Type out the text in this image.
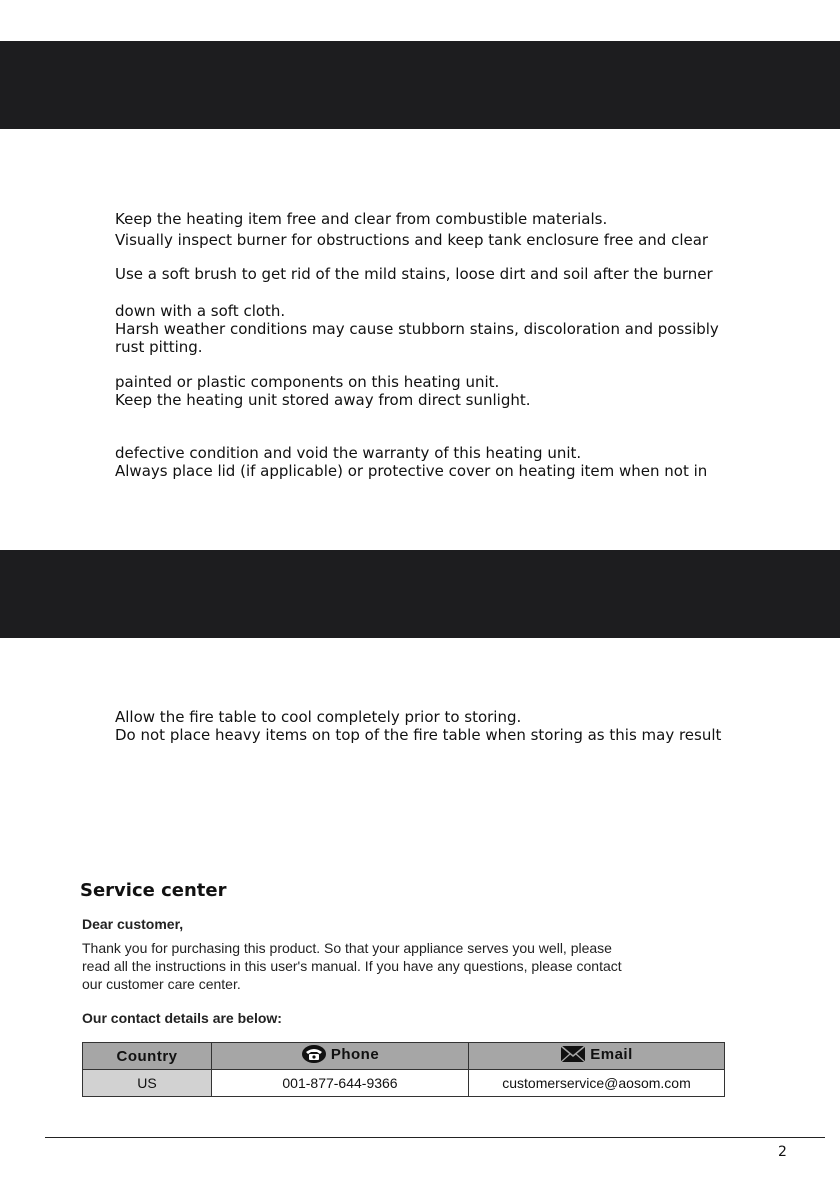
Keep the heating item free and clear from combustible materials.
Visually inspect burner for obstructions and keep tank enclosure free and clear
Use a soft brush to get rid of the mild stains, loose dirt and soil after the burner
down with a soft cloth.
Harsh weather conditions may cause stubborn stains, discoloration and possibly
rust pitting.
painted or plastic components on this heating unit.
Keep the heating unit stored away from direct sunlight.
defective condition and void the warranty of this heating unit.
Always place lid (if applicable) or protective cover on heating item when not in
Allow the fire table to cool completely prior to storing.
Do not place heavy items on top of the fire table when storing as this may result
Service center
Dear customer,
Thank you for purchasing this product. So that your appliance serves you well, please
read all the instructions in this user's manual. If you have any questions, please contact
our customer care center.
Our contact details are below:
Country	Phone	Email

US	001-877-644-9366	customerservice@aosom.com
2
